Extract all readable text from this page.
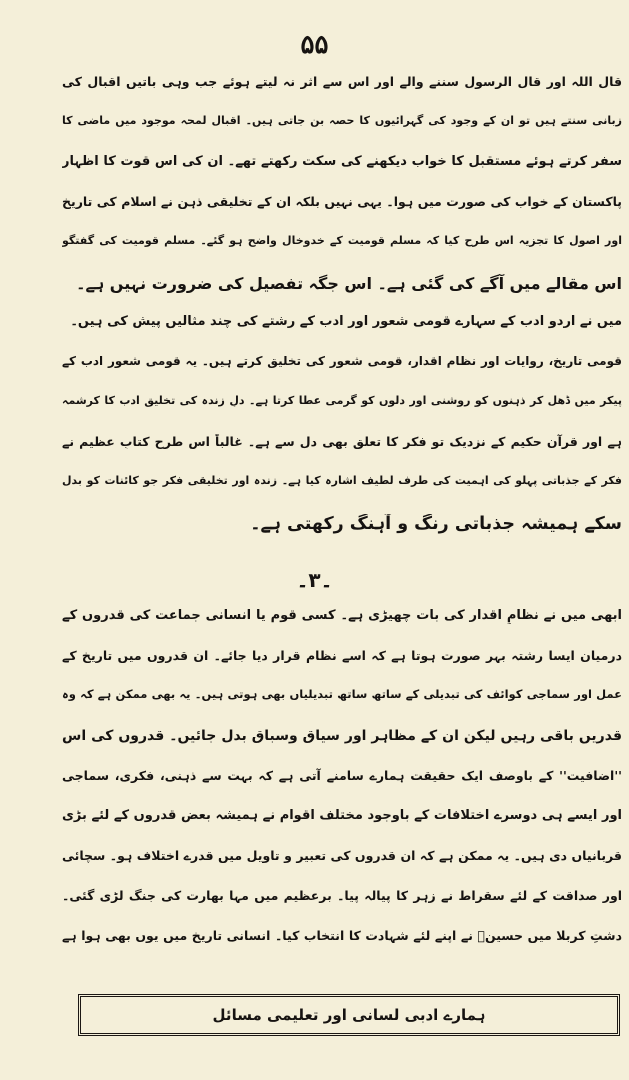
۵۵
قال اللہ اور قال الرسول سننے والے اور اس سے اثر نہ لیتے ہوئے جب وہی باتیں اقبال کی
زبانی سنتے ہیں تو ان کے وجود کی گہرائیوں کا حصہ بن جاتی ہیں۔ اقبال لمحہ موجود میں ماضی کا
سفر کرتے ہوئے مستقبل کا خواب دیکھنے کی سکت رکھتے تھے۔ ان کی اس قوت کا اظہار
پاکستان کے خواب کی صورت میں ہوا۔ یہی نہیں بلکہ ان کے تخلیقی ذہن نے اسلام کی تاریخ
اور اصول کا تجزیہ اس طرح کیا کہ مسلم قومیت کے خدوخال واضح ہو گئے۔ مسلم قومیت کی گفتگو
اس مقالے میں آگے کی گئی ہے۔ اس جگہ تفصیل کی ضرورت نہیں ہے۔
میں نے اردو ادب کے سہارے قومی شعور اور ادب کے رشتے کی چند مثالیں پیش کی ہیں۔
قومی تاریخ، روایات اور نظام اقدار، قومی شعور کی تخلیق کرتے ہیں۔ یہ قومی شعور ادب کے
پیکر میں ڈھل کر ذہنوں کو روشنی اور دلوں کو گرمی عطا کرتا ہے۔ دلِ زندہ کی تخلیق ادب کا کرشمہ
ہے اور قرآن حکیم کے نزدیک تو فکر کا تعلق بھی دل سے ہے۔ غالباً اس طرح کتابِ عظیم نے
فکر کے جذباتی پہلو کی اہمیت کی طرف لطیف اشارہ کیا ہے۔ زندہ اور تخلیقی فکر جو کائنات کو بدل
سکے ہمیشہ جذباتی رنگ و آہنگ رکھتی ہے۔
۔۳۔
ابھی میں نے نظامِ اقدار کی بات چھیڑی ہے۔ کسی قوم یا انسانی جماعت کی قدروں کے
درمیان ایسا رشتہ بہر صورت ہوتا ہے کہ اسے نظام قرار دیا جائے۔ ان قدروں میں تاریخ کے
عمل اور سماجی کوائف کی تبدیلی کے ساتھ ساتھ تبدیلیاں بھی ہوتی ہیں۔ یہ بھی ممکن ہے کہ وہ
قدریں باقی رہیں لیکن ان کے مظاہر اور سیاق وسباق بدل جائیں۔ قدروں کی اس
''اضافیت'' کے باوصف ایک حقیقت ہمارے سامنے آتی ہے کہ بہت سے ذہنی، فکری، سماجی
اور ایسے ہی دوسرے اختلافات کے باوجود مختلف اقوام نے ہمیشہ بعض قدروں کے لئے بڑی
قربانیاں دی ہیں۔ یہ ممکن ہے کہ ان قدروں کی تعبیر و تاویل میں قدرے اختلاف ہو۔ سچائی
اور صداقت کے لئے سقراط نے زہر کا پیالہ پیا۔ برعظیم میں مہا بھارت کی جنگ لڑی گئی۔
دشتِ کربلا میں حسینؑ نے اپنے لئے شہادت کا انتخاب کیا۔ انسانی تاریخ میں یوں بھی ہوا ہے
ہمارے ادبی لسانی اور تعلیمی مسائل
